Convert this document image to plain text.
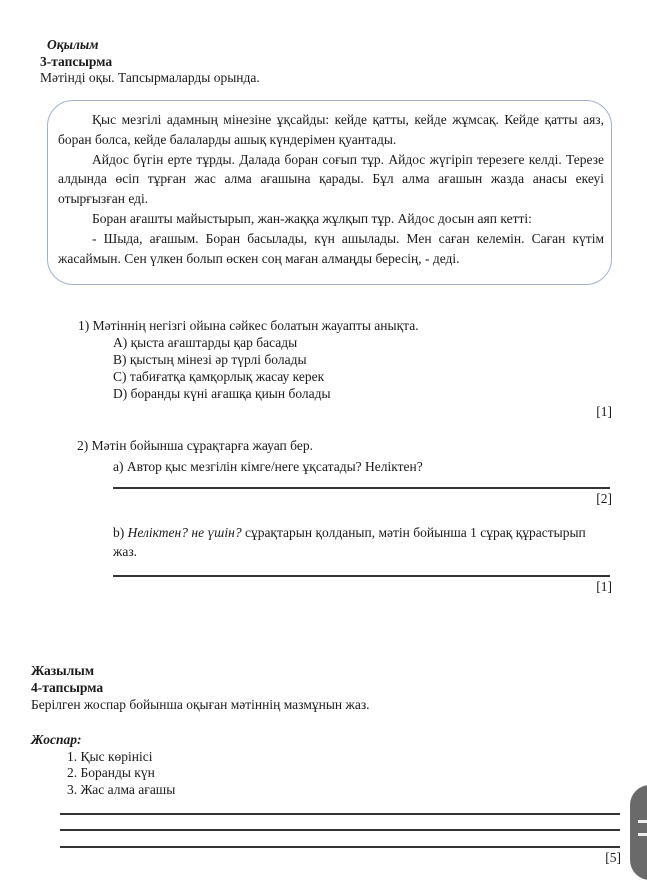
Оқылым
3-тапсырма
Мәтінді оқы. Тапсырмаларды орында.

Қыс мезгілі адамның мінезіне ұқсайды: кейде қатты, кейде жұмсақ. Кейде қатты аяз, боран болса, кейде балаларды ашық күндерімен қуантады.

Айдос бүгін ерте тұрды. Далада боран соғып тұр. Айдос жүгіріп терезеге келді. Терезе алдында өсіп тұрған жас алма ағашына қарады. Бұл алма ағашын жазда анасы екеуі отырғызған еді.

Боран ағашты майыстырып, жан-жаққа жұлқып тұр. Айдос досын аяп кетті:

- Шыда, ағашым. Боран басылады, күн ашылады. Мен саған келемін. Саған күтім жасаймын. Сен үлкен болып өскен соң маған алмаңды бересің, - деді.

1) Мәтіннің негізгі ойына сәйкес болатын жауапты анықта.
A) қыста ағаштарды қар басады
B) қыстың мінезі әр түрлі болады
C) табиғатқа қамқорлық жасау керек
D) боранды күні ағашқа қиын болады
[1]
2) Мәтін бойынша сұрақтарға жауап бер.
a) Автор қыс мезгілін кімге/неге ұқсатады? Неліктен?
[2]
b) Неліктен? не үшін? сұрақтарын қолданып, мәтін бойынша 1 сұрақ құрастырып
жаз.
[1]
Жазылым
4-тапсырма
Берілген жоспар бойынша оқыған мәтіннің мазмұнын жаз.
Жоспар:
1. Қыс көрінісі
2. Боранды күн
3. Жас алма ағашы
[5]
